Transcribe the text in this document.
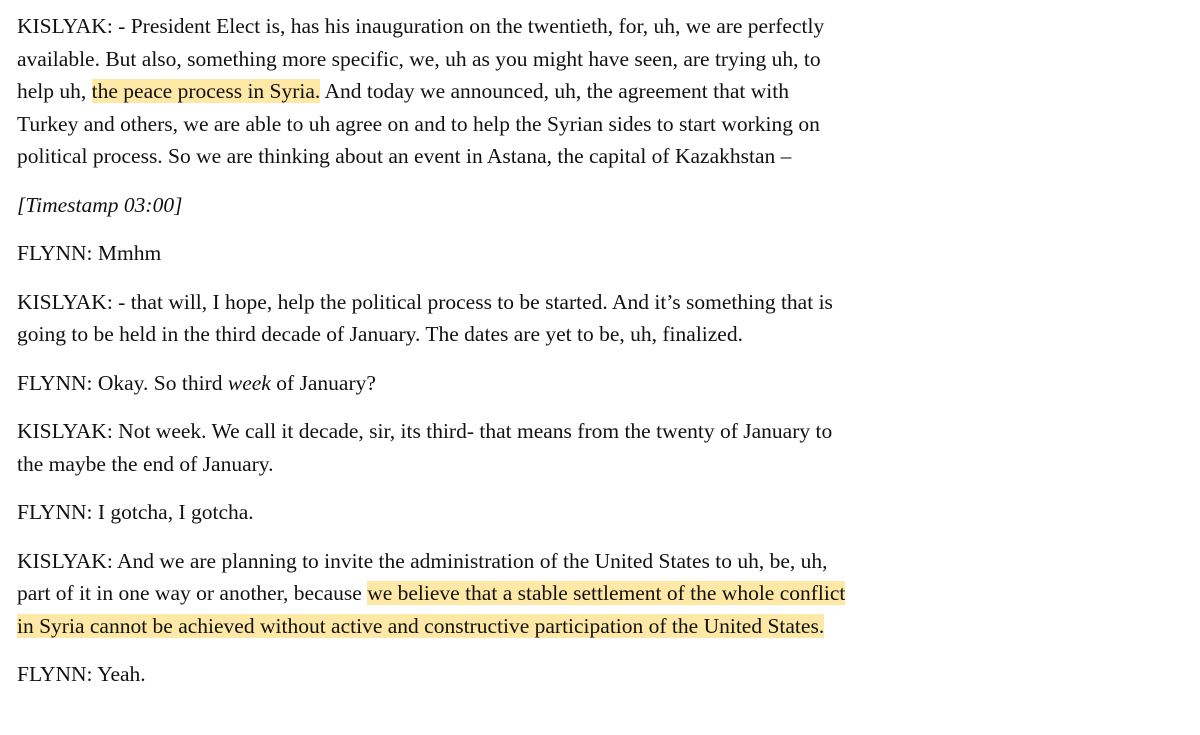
KISLYAK: - President Elect is, has his inauguration on the twentieth, for, uh, we are perfectly
available. But also, something more specific, we, uh as you might have seen, are trying uh, to
help uh, the peace process in Syria. And today we announced, uh, the agreement that with
Turkey and others, we are able to uh agree on and to help the Syrian sides to start working on
political process. So we are thinking about an event in Astana, the capital of Kazakhstan –

[Timestamp 03:00]

FLYNN: Mmhm

KISLYAK: - that will, I hope, help the political process to be started. And it’s something that is
going to be held in the third decade of January. The dates are yet to be, uh, finalized.

FLYNN: Okay. So third week of January?

KISLYAK: Not week. We call it decade, sir, its third- that means from the twenty of January to
the maybe the end of January.

FLYNN: I gotcha, I gotcha.

KISLYAK: And we are planning to invite the administration of the United States to uh, be, uh,
part of it in one way or another, because we believe that a stable settlement of the whole conflict
in Syria cannot be achieved without active and constructive participation of the United States.

FLYNN: Yeah.
